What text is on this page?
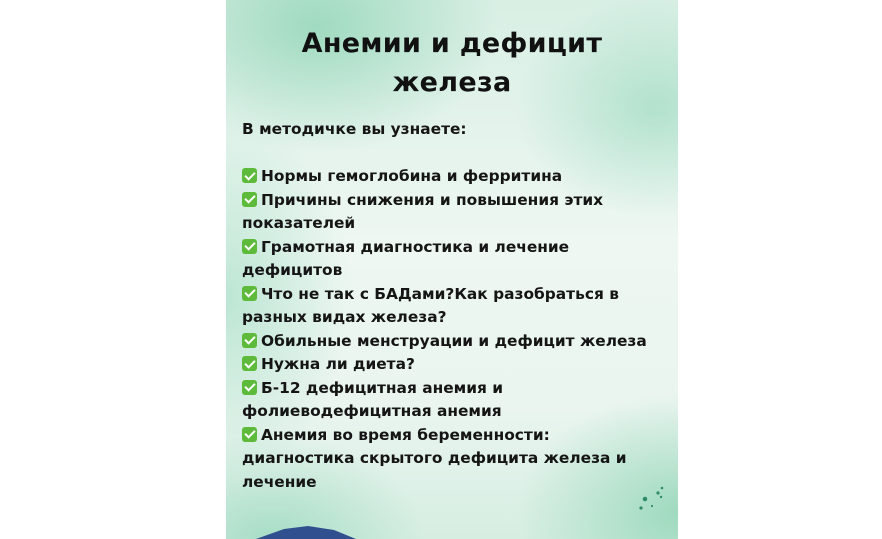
Анемии и дефицит
железа
В методичке вы узнаете:
Нормы гемоглобина и ферритина
Причины снижения и повышения этих
показателей
Грамотная диагностика и лечение
дефицитов
Что не так с БАДами?Как разобраться в
разных видах железа?
Обильные менструации и дефицит железа
Нужна ли диета?
Б-12 дефицитная анемия и
фолиеводефицитная анемия
Анемия во время беременности:
диагностика скрытого дефицита железа и
лечение
